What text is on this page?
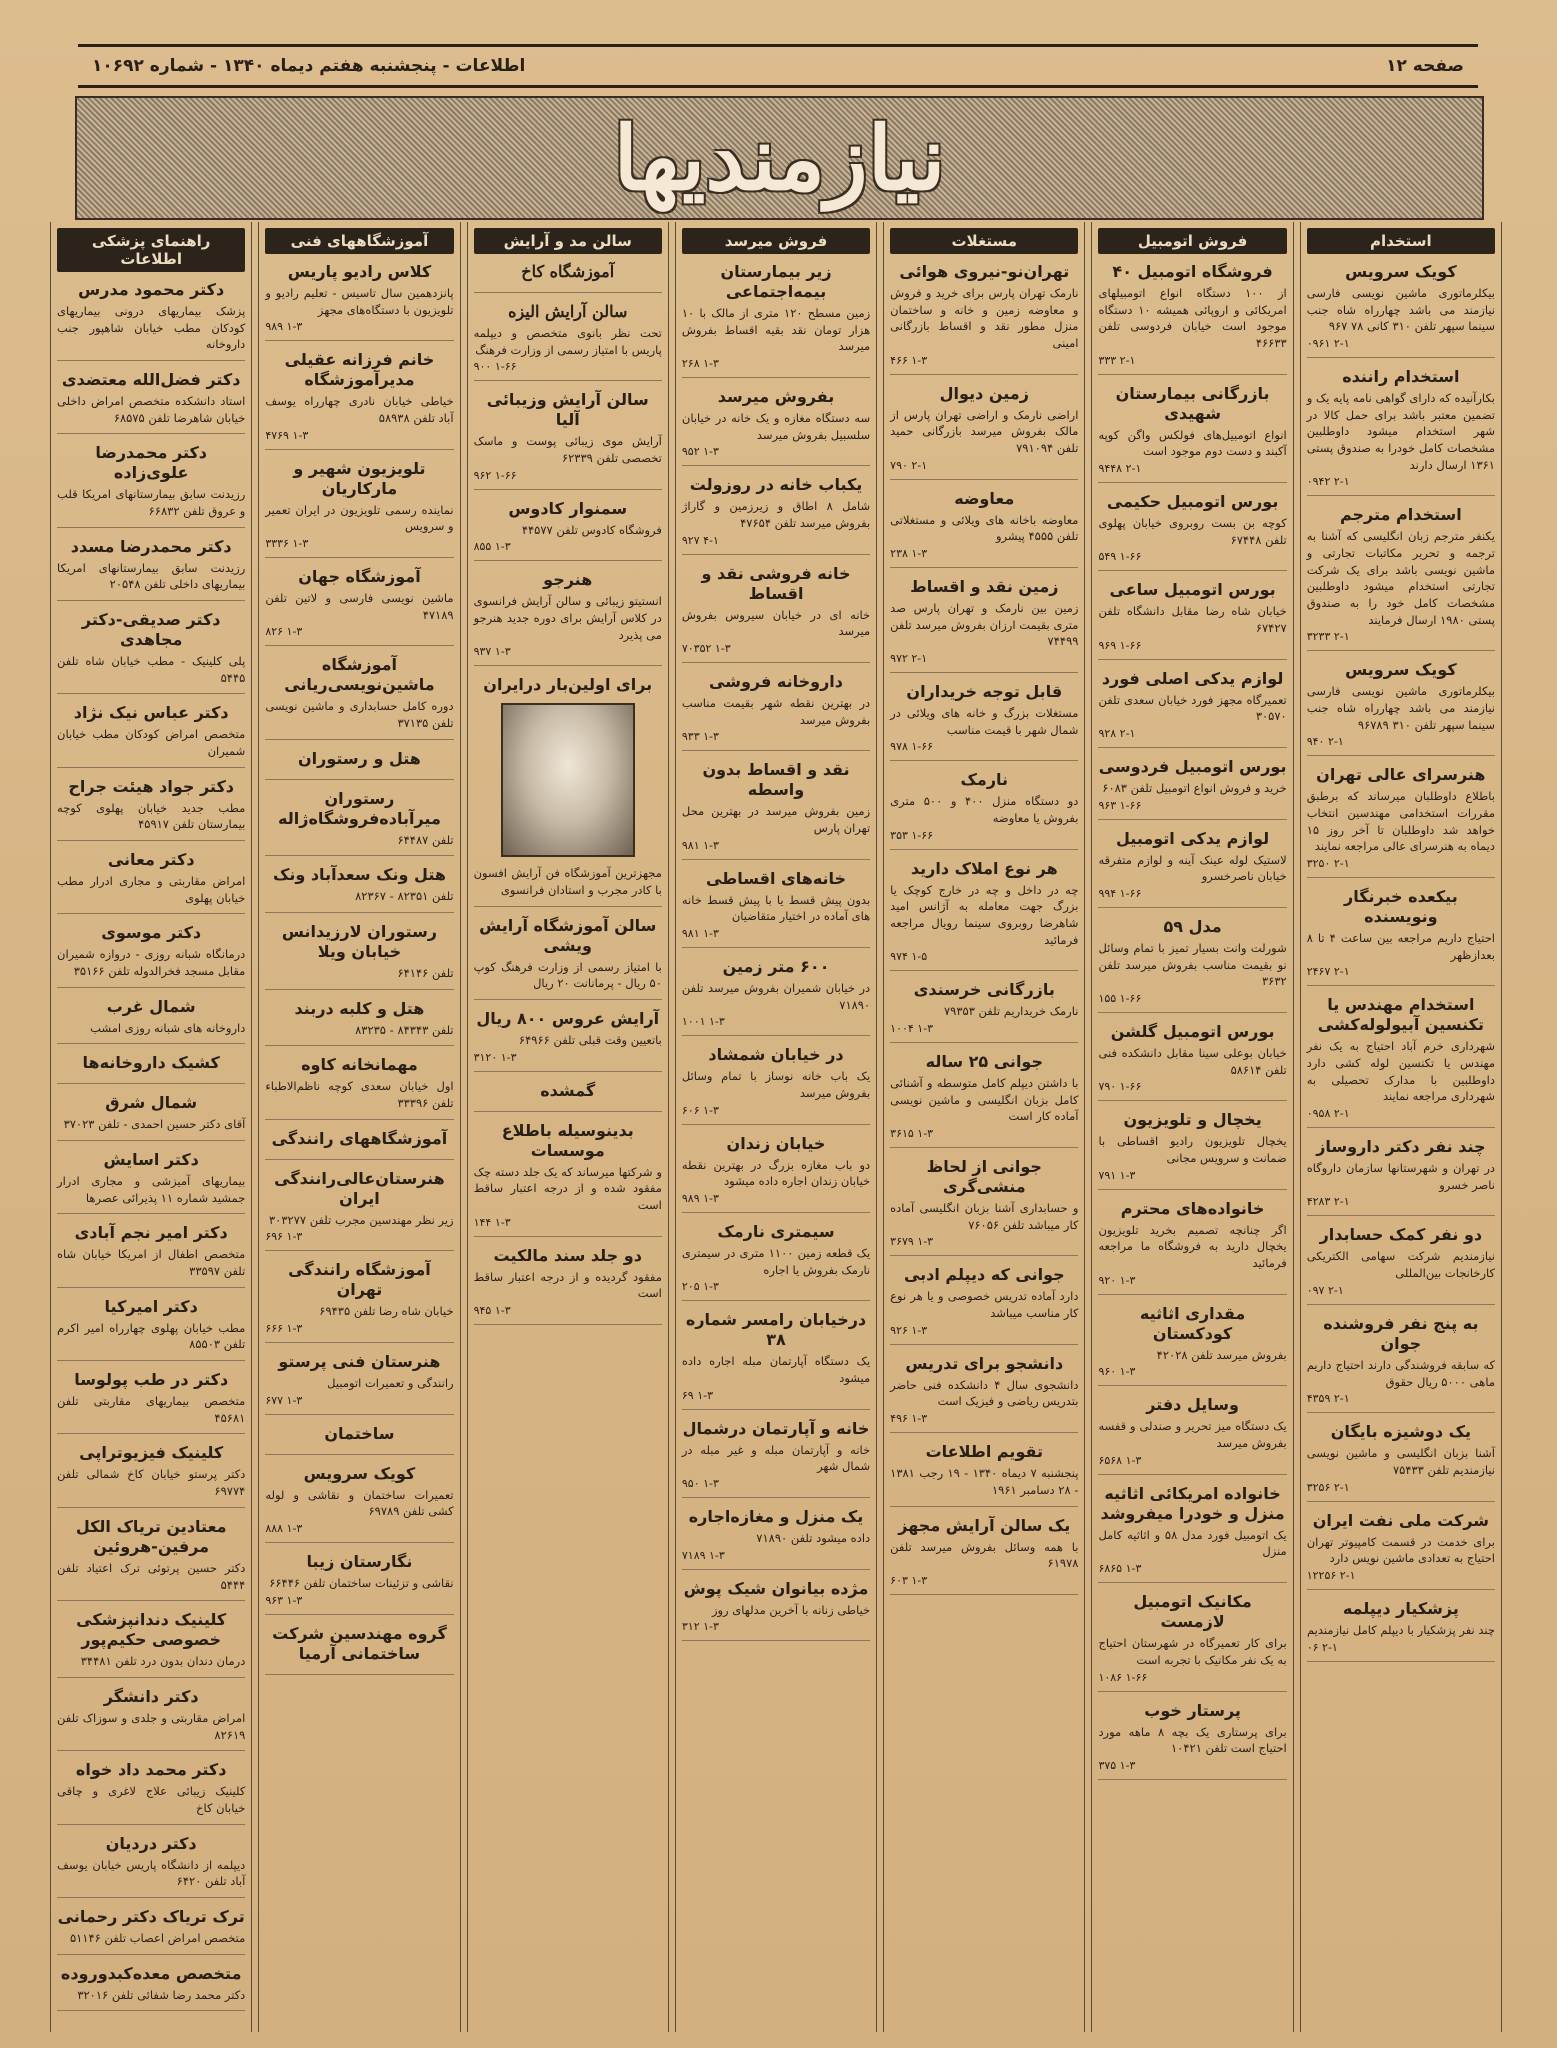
صفحه ۱۲
اطلاعات - پنجشنبه هفتم دیماه ۱۳۴۰ - شماره ۱۰۶۹۲
نیازمندیها
استخدام
کویک سرویس

بیکلرماتوری ماشین نویسی فارسی نیازمند می باشد چهارراه شاه جنب سینما سپهر تلفن ۳۱۰ کانی ۷۸ ۹۶۷

۲-۱ ۰۹۶۱
استخدام راننده

بکارآنیده که دارای گواهی نامه پایه یک و تضمین معتبر باشد برای حمل کالا در شهر استخدام میشود داوطلبین مشخصات کامل خودرا به صندوق پستی ۱۳۶۱ ارسال دارند

۲-۱ ۰۹۴۲
استخدام مترجم

یکنفر مترجم زبان انگلیسی که آشنا به ترجمه و تحریر مکاتبات تجارتی و ماشین نویسی باشد برای یک شرکت تجارتی استخدام میشود داوطلبین مشخصات کامل خود را به صندوق پستی ۱۹۸۰ ارسال فرمایند

۲-۱ ۳۲۳۳
کویک سرویس

بیکلرماتوری ماشین نویسی فارسی نیازمند می باشد چهارراه شاه جنب سینما سپهر تلفن ۳۱۰ ۹۶۷۸۹

۲-۱ ۹۴۰
هنرسرای عالی تهران

باطلاع داوطلبان میرساند که برطبق مقررات استخدامی مهندسین انتخاب خواهد شد داوطلبان تا آخر روز ۱۵ دیماه به هنرسرای عالی مراجعه نمایند

۲-۱ ۳۲۵۰
بیکعده خبرنگار ونویسنده

احتیاج داریم مراجعه بین ساعت ۴ تا ۸ بعدازظهر

۲-۱ ۲۴۶۷
استخدام مهندس یا تکنسین آبیولوله‌کشی

شهرداری خرم آباد احتیاج به یک نفر مهندس یا تکنسین لوله کشی دارد داوطلبین با مدارک تحصیلی به شهرداری مراجعه نمایند

۲-۱ ۰۹۵۸
چند نفر دکتر داروساز

در تهران و شهرستانها سازمان داروگاه ناصر خسرو

۲-۱ ۴۲۸۳
دو نفر کمک حسابدار

نیازمندیم شرکت سهامی الکتریکی کارخانجات بین‌المللی

۲-۱ ۰۹۷
به پنج نفر فروشنده جوان

که سابقه فروشندگی دارند احتیاج داریم ماهی ۵۰۰۰ ریال حقوق

۲-۱ ۴۳۵۹
یک دوشیزه بایگان

آشنا بزبان انگلیسی و ماشین نویسی نیازمندیم تلفن ۷۵۴۳۳

۲-۱ ۳۲۵۶
شرکت ملی نفت ایران

برای خدمت در قسمت کامپیوتر تهران احتیاج به تعدادی ماشین نویس دارد

۲-۱ ۱۲۲۵۶
پزشکیار دیپلمه

چند نفر پزشکیار با دیپلم کامل نیازمندیم

۲-۱ ۰۶
فروش اتومبیل
فروشگاه اتومبیل ۴۰

از ۱۰۰ دستگاه انواع اتومبیلهای امریکائی و اروپائی همیشه ۱۰ دستگاه موجود است خیابان فردوسی تلفن ۴۶۶۳۳

۲-۱ ۳۳۳
بازرگانی بیمارستان شهیدی

انواع اتومبیل‌های فولکس واگن کوپه آکبند و دست دوم موجود است

۲-۱ ۹۴۴۸
بورس اتومبیل حکیمی

کوچه بن بست روبروی خیابان پهلوی تلفن ۶۷۴۴۸

۱-۶۶ ۵۴۹
بورس اتومبیل ساعی

خیابان شاه رضا مقابل دانشگاه تلفن ۶۷۴۲۷

۱-۶۶ ۹۶۹
لوازم یدکی اصلی فورد

تعمیرگاه مجهز فورد خیابان سعدی تلفن ۳۰۵۷۰

۲-۱ ۹۲۸
بورس اتومبیل فردوسی

خرید و فروش انواع اتومبیل تلفن ۶۰۸۳

۱-۶۶ ۹۶۳
لوازم یدکی اتومبیل

لاستیک لوله عینک آینه و لوازم متفرقه خیابان ناصرخسرو

۱-۶۶ ۹۹۴
مدل ۵۹

شورلت وانت بسیار تمیز با تمام وسائل نو بقیمت مناسب بفروش میرسد تلفن ۳۶۳۲

۱-۶۶ ۱۵۵
بورس اتومبیل گلشن

خیابان بوعلی سینا مقابل دانشکده فنی تلفن ۵۸۶۱۴

۱-۶۶ ۷۹۰
یخچال و تلویزیون

یخچال تلویزیون رادیو اقساطی با ضمانت و سرویس مجانی

۱-۳ ۷۹۱
خانواده‌های محترم

اگر چنانچه تصمیم بخرید تلویزیون یخچال دارید به فروشگاه ما مراجعه فرمائید

۱-۳ ۹۲۰
مقداری اثاثیه کودکستان

بفروش میرسد تلفن ۴۲۰۲۸

۱-۳ ۹۶۰
وسایل دفتر

یک دستگاه میز تحریر و صندلی و قفسه بفروش میرسد

۱-۳ ۶۵۶۸
خانواده امریکائی اثاثیه منزل و خودرا میفروشد

یک اتومبیل فورد مدل ۵۸ و اثاثیه کامل منزل

۱-۳ ۶۸۶۵
مکانیک اتومبیل لازمست

برای کار تعمیرگاه در شهرستان احتیاج به یک نفر مکانیک با تجربه است

۱-۶۶ ۱۰۸۶
پرستار خوب

برای پرستاری یک بچه ۸ ماهه مورد احتیاج است تلفن ۱۰۴۲۱

۱-۳ ۳۷۵
مستغلات
تهران‌نو-نیروی هوائی

نارمک تهران پارس برای خرید و فروش و معاوضه زمین و خانه و ساختمان منزل مطور نقد و اقساط بازرگانی امینی

۱-۳ ۴۶۶
زمین دیوال

اراضی نارمک و اراضی تهران پارس از مالک بفروش میرسد بازرگانی حمید تلفن ۷۹۱۰۹۴

۲-۱ ۷۹۰
معاوضه

معاوضه باخانه های ویلائی و مستغلاتی تلفن ۴۵۵۵ پیشرو

۱-۳ ۲۳۸
زمین نقد و اقساط

زمین بین نارمک و تهران پارس صد متری بقیمت ارزان بفروش میرسد تلفن ۷۴۴۹۹

۲-۱ ۹۷۲
قابل توجه خریداران

مستغلات بزرگ و خانه های ویلائی در شمال شهر با قیمت مناسب

۱-۶۶ ۹۷۸
نارمک

دو دستگاه منزل ۴۰۰ و ۵۰۰ متری بفروش یا معاوضه

۱-۶۶ ۳۵۳
هر نوع املاک دارید

چه در داخل و چه در خارج کوچک یا بزرگ جهت معامله به آژانس امید شاهرضا روبروی سینما رویال مراجعه فرمائید

۱-۵ ۹۷۴
بازرگانی خرسندی

نارمک خریداریم تلفن ۷۹۳۵۳

۱-۳ ۱۰۰۴
جوانی ۲۵ ساله

با داشتن دیپلم کامل متوسطه و آشنائی کامل بزبان انگلیسی و ماشین نویسی آماده کار است

۱-۳ ۳۶۱۵
جوانی از لحاظ منشی‌گری

و حسابداری آشنا بزبان انگلیسی آماده کار میباشد تلفن ۷۶۰۵۶

۱-۳ ۳۶۷۹
جوانی که دیپلم ادبی

دارد آماده تدریس خصوصی و یا هر نوع کار مناسب میباشد

۱-۳ ۹۲۶
دانشجو برای تدریس

دانشجوی سال ۴ دانشکده فنی حاضر بتدریس ریاضی و فیزیک است

۱-۳ ۴۹۶
تقویم اطلاعات

پنجشنبه ۷ دیماه ۱۳۴۰ - ۱۹ رجب ۱۳۸۱ - ۲۸ دسامبر ۱۹۶۱

یک سالن آرایش مجهز

با همه وسائل بفروش میرسد تلفن ۶۱۹۷۸

۱-۳ ۶۰۳
فروش میرسد
زیر بیمارستان بیمه‌اجتماعی

زمین مسطح ۱۲۰ متری از مالک با ۱۰ هزار تومان نقد بقیه اقساط بفروش میرسد

۱-۳ ۲۶۸
بفروش میرسد

سه دستگاه مغازه و یک خانه در خیابان سلسبیل بفروش میرسد

۱-۳ ۹۵۲
یکباب خانه در روزولت

شامل ۸ اطاق و زیرزمین و گاراژ بفروش میرسد تلفن ۴۷۶۵۴

۴-۱ ۹۲۷
خانه فروشی نقد و اقساط

خانه ای در خیابان سیروس بفروش میرسد

۱-۳ ۷۰۳۵۲
داروخانه فروشی

در بهترین نقطه شهر بقیمت مناسب بفروش میرسد

۱-۳ ۹۳۳
نقد و اقساط بدون واسطه

زمین بفروش میرسد در بهترین محل تهران پارس

۱-۳ ۹۸۱
خانه‌های اقساطی

بدون پیش قسط یا با پیش قسط خانه های آماده در اختیار متقاضیان

۱-۳ ۹۸۱
۶۰۰ متر زمین

در خیابان شمیران بفروش میرسد تلفن ۷۱۸۹۰

۱-۳ ۱۰۰۱
در خیابان شمشاد

یک باب خانه نوساز با تمام وسائل بفروش میرسد

۱-۳ ۶۰۶
خیابان زندان

دو باب مغازه بزرگ در بهترین نقطه خیابان زندان اجاره داده میشود

۱-۳ ۹۸۹
سیمتری نارمک

یک قطعه زمین ۱۱۰۰ متری در سیمتری نارمک بفروش یا اجاره

۱-۳ ۲۰۵
درخیابان رامسر شماره ۳۸

یک دستگاه آپارتمان مبله اجاره داده میشود

۱-۳ ۶۹
خانه و آپارتمان درشمال

خانه و آپارتمان مبله و غیر مبله در شمال شهر

۱-۳ ۹۵۰
یک منزل و مغازه‌اجاره

داده میشود تلفن ۷۱۸۹۰

۱-۳ ۷۱۸۹
مژده بیانوان شیک پوش

خیاطی زنانه با آخرین مدلهای روز

۱-۳ ۳۱۲
سالن مد و آرایش
آموزشگاه کاخ
سالن آرایش الیزه

تحت نظر بانوی متخصص و دیپلمه پاریس با امتیاز رسمی از وزارت فرهنگ

۱-۶۶ ۹۰۰
سالن آرایش وزیبائی آلیا

آرایش موی زیبائی پوست و ماسک تخصصی تلفن ۶۲۳۳۹

۱-۶۶ ۹۶۲
سمنوار کادوس

فروشگاه کادوس تلفن ۴۴۵۷۷

۱-۳ ۸۵۵
هنرجو

انستیتو زیبائی و سالن آرایش فرانسوی در کلاس آرایش برای دوره جدید هنرجو می پذیرد

۱-۳ ۹۳۷
برای اولین‌بار درایران

مجهزترین آموزشگاه فن آرایش افسون با کادر مجرب و استادان فرانسوی

سالن آموزشگاه آرایش ویشی

با امتیاز رسمی از وزارت فرهنگ کوپ ۵۰ ریال - پرمانانت ۲۰ ریال

آرایش عروس ۸۰۰ ریال

باتعیین وقت قبلی تلفن ۶۴۹۶۶

۱-۳ ۳۱۲۰
گمشده
بدینوسیله باطلاع موسسات

و شرکتها میرساند که یک جلد دسته چک مفقود شده و از درجه اعتبار ساقط است

۱-۳ ۱۴۴
دو جلد سند مالکیت

مفقود گردیده و از درجه اعتبار ساقط است

۱-۳ ۹۴۵
آموزشگاههای فنی
کلاس رادیو پاریس

پانزدهمین سال تاسیس - تعلیم رادیو و تلویزیون با دستگاه‌های مجهز

۱-۳ ۹۸۹
خانم فرزانه عقیلی مدیرآموزشگاه

خیاطی خیابان نادری چهارراه یوسف آباد تلفن ۵۸۹۳۸

۱-۳ ۴۷۶۹
تلویزیون شهیر و مارکاریان

نماینده رسمی تلویزیون در ایران تعمیر و سرویس

۱-۳ ۳۳۳۶
آموزشگاه جهان

ماشین نویسی فارسی و لاتین تلفن ۴۷۱۸۹

۱-۳ ۸۲۶
آموزشگاه ماشین‌نویسی‌ریانی

دوره کامل حسابداری و ماشین نویسی تلفن ۳۷۱۳۵

هتل و رستوران
رستوران میرآباده‌فروشگاه‌ژاله

تلفن ۶۴۴۸۷

هتل ونک سعدآباد ونک

تلفن ۸۲۳۵۱ - ۸۲۳۶۷

رستوران لارزیدانس خیابان ویلا

تلفن ۶۴۱۴۶

هتل و کلبه دربند

تلفن ۸۴۳۴۳ - ۸۳۲۳۵

مهمانخانه کاوه

اول خیابان سعدی کوچه ناظم‌الاطباء تلفن ۳۳۳۹۶

آموزشگاههای رانندگی
هنرستان‌عالی‌رانندگی ایران

زیر نظر مهندسین مجرب تلفن ۳۰۳۲۷۷

۱-۳ ۶۹۶
آموزشگاه رانندگی تهران

خیابان شاه رضا تلفن ۶۹۴۳۵

۱-۳ ۶۶۶
هنرستان فنی پرستو

رانندگی و تعمیرات اتومبیل

۱-۳ ۶۷۷
ساختمان
کویک سرویس

تعمیرات ساختمان و نقاشی و لوله کشی تلفن ۶۹۷۸۹

۱-۳ ۸۸۸
نگارستان زیبا

نقاشی و تزئینات ساختمان تلفن ۶۶۴۴۶

۱-۳ ۹۶۳
گروه مهندسین شرکت ساختمانی آرمیا
راهنمای پزشکی اطلاعات
دکتر محمود مدرس

پزشک بیماریهای درونی بیماریهای کودکان مطب خیابان شاهپور جنب داروخانه

دکتر فضل‌الله معتضدی

استاد دانشکده متخصص امراض داخلی خیابان شاهرضا تلفن ۶۸۵۷۵

دکتر محمدرضا علوی‌زاده

رزیدنت سابق بیمارستانهای امریکا قلب و عروق تلفن ۶۶۸۳۲

دکتر محمدرضا مسدد

رزیدنت سابق بیمارستانهای امریکا بیماریهای داخلی تلفن ۲۰۵۴۸

دکتر صدیقی-دکتر مجاهدی

پلی کلینیک - مطب خیابان شاه تلفن ۵۴۴۵

دکتر عباس نیک نژاد

متخصص امراض کودکان مطب خیابان شمیران

دکتر جواد هیئت جراح

مطب جدید خیابان پهلوی کوچه بیمارستان تلفن ۴۵۹۱۷

دکتر معانی

امراض مقاربتی و مجاری ادرار مطب خیابان پهلوی

دکتر موسوی

درمانگاه شبانه روزی - دروازه شمیران مقابل مسجد فخرالدوله تلفن ۳۵۱۶۶

شمال غرب

داروخانه های شبانه روزی امشب

کشیک داروخانه‌ها
شمال شرق

آقای دکتر حسین احمدی - تلفن ۳۷۰۲۳

دکتر اسایش

بیماریهای آمیزشی و مجاری ادرار جمشید شماره ۱۱ پذیرائی عصرها

دکتر امیر نجم آبادی

متخصص اطفال از امریکا خیابان شاه تلفن ۳۳۵۹۷

دکتر امیرکیا

مطب خیابان پهلوی چهارراه امیر اکرم تلفن ۸۵۵۰۳

دکتر در طب پولوسا

متخصص بیماریهای مقاربتی تلفن ۴۵۶۸۱

کلینیک فیزیوتراپی

دکتر پرستو خیابان کاخ شمالی تلفن ۶۹۷۷۴

معتادین تریاک الکل مرفین-هروئین

دکتر حسین پرتوئی ترک اعتیاد تلفن ۵۴۴۴

کلینیک دندانپزشکی خصوصی حکیم‌پور

درمان دندان بدون درد تلفن ۳۴۴۸۱

دکتر دانشگر

امراض مقاربتی و جلدی و سوزاک تلفن ۸۲۶۱۹

دکتر محمد داد خواه

کلینیک زیبائی علاج لاغری و چاقی خیابان کاخ

دکتر دردیان

دیپلمه از دانشگاه پاریس خیابان یوسف آباد تلفن ۶۴۲۰

ترک تریاک دکتر رحمانی

متخصص امراض اعصاب تلفن ۵۱۱۴۶

متخصص معده‌کبدوروده

دکتر محمد رضا شفائی تلفن ۳۲۰۱۶
